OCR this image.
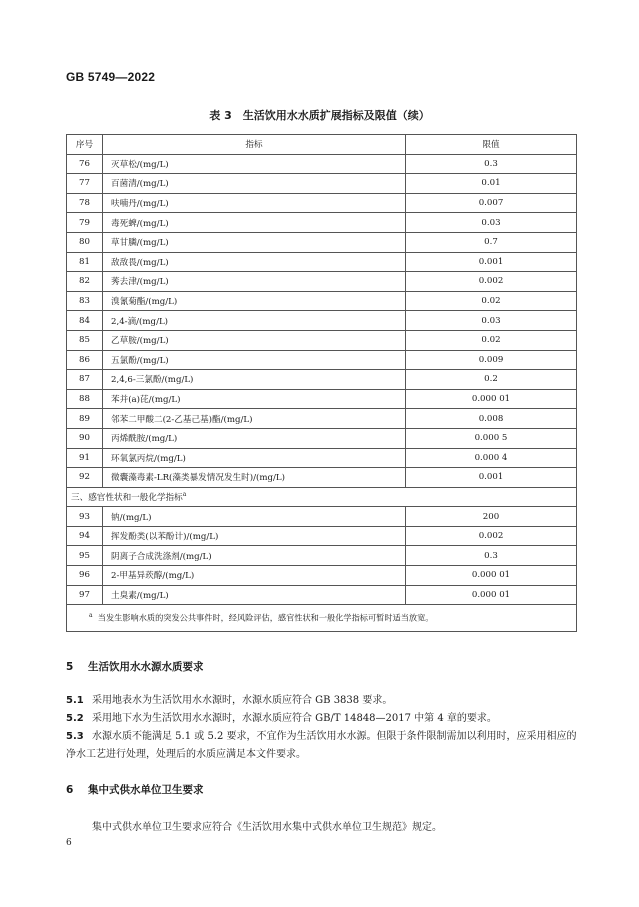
GB 5749—2022
表 3　生活饮用水水质扩展指标及限值（续）
序号	指标	限值
76	灭草松/(mg/L)	0.3
77	百菌清/(mg/L)	0.01
78	呋喃丹/(mg/L)	0.007
79	毒死蜱/(mg/L)	0.03
80	草甘膦/(mg/L)	0.7
81	敌敌畏/(mg/L)	0.001
82	莠去津/(mg/L)	0.002
83	溴氰菊酯/(mg/L)	0.02
84	2,4-滴/(mg/L)	0.03
85	乙草胺/(mg/L)	0.02
86	五氯酚/(mg/L)	0.009
87	2,4,6-三氯酚/(mg/L)	0.2
88	苯并(a)芘/(mg/L)	0.000 01
89	邻苯二甲酸二(2-乙基己基)酯/(mg/L)	0.008
90	丙烯酰胺/(mg/L)	0.000 5
91	环氧氯丙烷/(mg/L)	0.000 4
92	微囊藻毒素-LR(藻类暴发情况发生时)/(mg/L)	0.001
三、感官性状和一般化学指标$^a$
93	钠/(mg/L)	200
94	挥发酚类(以苯酚计)/(mg/L)	0.002
95	阴离子合成洗涤剂/(mg/L)	0.3
96	2-甲基异莰醇/(mg/L)	0.000 01
97	土臭素/(mg/L)	0.000 01
$^a$ 当发生影响水质的突发公共事件时，经风险评估，感官性状和一般化学指标可暂时适当放宽。		
5 生活饮用水水源水质要求
5.1 采用地表水为生活饮用水水源时，水源水质应符合 GB 3838 要求。
5.2 采用地下水为生活饮用水水源时，水源水质应符合 GB/T 14848—2017 中第 4 章的要求。
5.3 水源水质不能满足 5.1 或 5.2 要求，不宜作为生活饮用水水源。但限于条件限制需加以利用时，应采用相应的净水工艺进行处理，处理后的水质应满足本文件要求。
6 集中式供水单位卫生要求
集中式供水单位卫生要求应符合《生活饮用水集中式供水单位卫生规范》规定。
6
